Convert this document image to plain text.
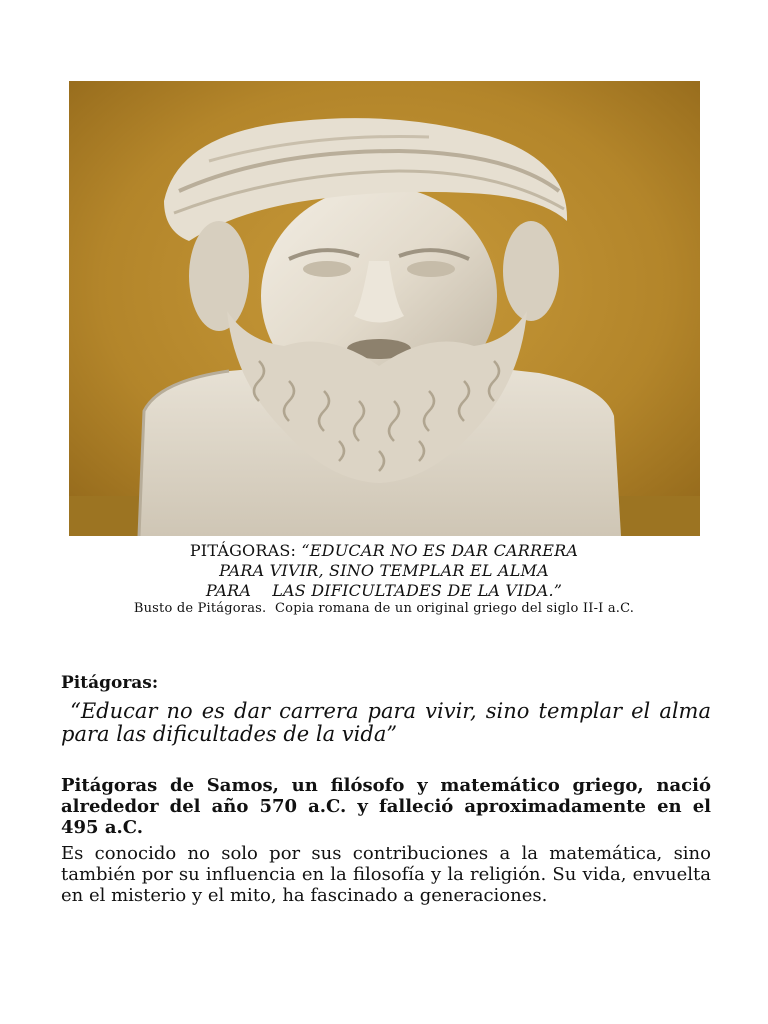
PITÁGORAS: “EDUCAR NO ES DAR CARRERA
PARA VIVIR, SINO TEMPLAR EL ALMA
PARA    LAS DIFICULTADES DE LA VIDA.”
Busto de Pitágoras.  Copia romana de un original griego del siglo II-I a.C.
Pitágoras:
“Educar no es dar carrera para vivir, sino templar el alma para las dificultades de la vida”
Pitágoras de Samos, un filósofo y matemático griego, nació alrededor del año 570 a.C. y falleció aproximadamente en el 495 a.C.
Es conocido no solo por sus contribuciones a la matemática, sino también por su influencia en la filosofía y la religión. Su vida, envuelta en el misterio y el mito, ha fascinado a generaciones.
